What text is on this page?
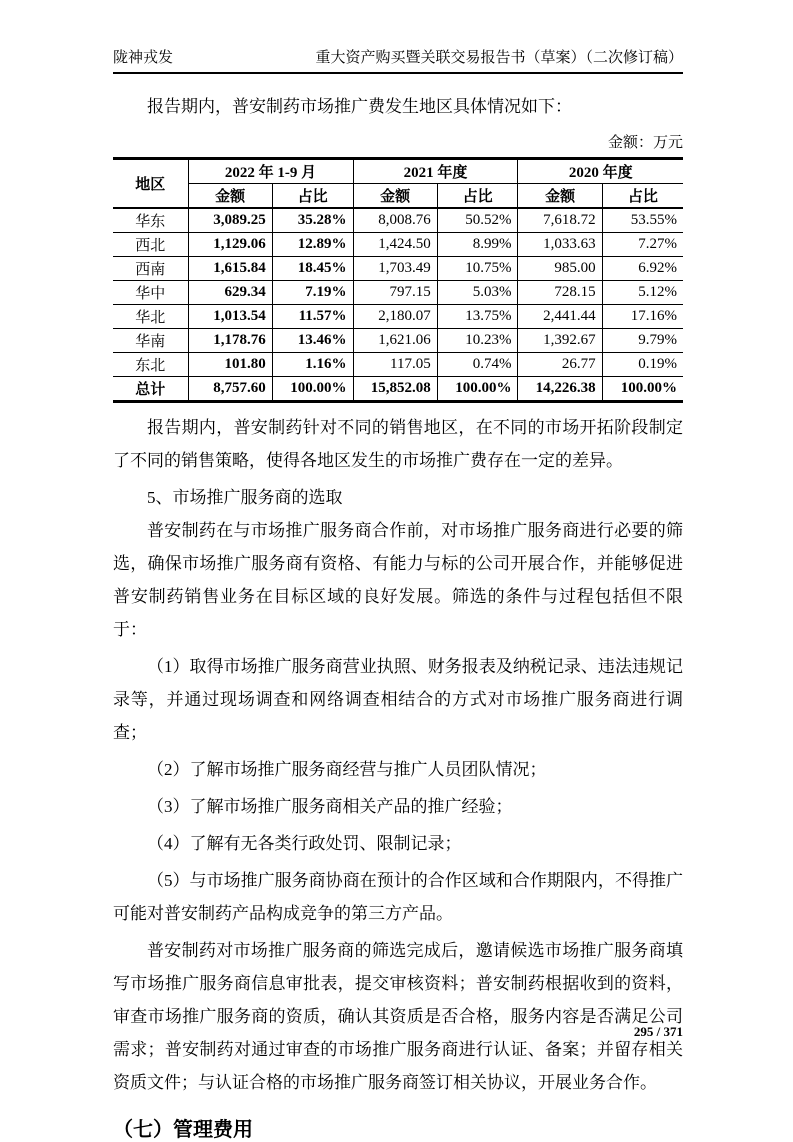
陇神戎发	重大资产购买暨关联交易报告书（草案）（二次修订稿）

报告期内，普安制药市场推广费发生地区具体情况如下：

金额：万元
地区	2022 年 1-9 月		2021 年度		2020 年度	
	金额	占比	金额	占比	金额	占比
华东	3,089.25	35.28%	8,008.76	50.52%	7,618.72	53.55%
西北	1,129.06	12.89%	1,424.50	8.99%	1,033.63	7.27%
西南	1,615.84	18.45%	1,703.49	10.75%	985.00	6.92%
华中	629.34	7.19%	797.15	5.03%	728.15	5.12%
华北	1,013.54	11.57%	2,180.07	13.75%	2,441.44	17.16%
华南	1,178.76	13.46%	1,621.06	10.23%	1,392.67	9.79%
东北	101.80	1.16%	117.05	0.74%	26.77	0.19%
总计	8,757.60	100.00%	15,852.08	100.00%	14,226.38	100.00%

报告期内，普安制药针对不同的销售地区，在不同的市场开拓阶段制定了不同的销售策略，使得各地区发生的市场推广费存在一定的差异。

5、市场推广服务商的选取

普安制药在与市场推广服务商合作前，对市场推广服务商进行必要的筛选，确保市场推广服务商有资格、有能力与标的公司开展合作，并能够促进普安制药销售业务在目标区域的良好发展。筛选的条件与过程包括但不限于：

（1）取得市场推广服务商营业执照、财务报表及纳税记录、违法违规记录等，并通过现场调查和网络调查相结合的方式对市场推广服务商进行调查；

（2）了解市场推广服务商经营与推广人员团队情况；

（3）了解市场推广服务商相关产品的推广经验；

（4）了解有无各类行政处罚、限制记录；

（5）与市场推广服务商协商在预计的合作区域和合作期限内，不得推广可能对普安制药产品构成竞争的第三方产品。

普安制药对市场推广服务商的筛选完成后，邀请候选市场推广服务商填写市场推广服务商信息审批表，提交审核资料；普安制药根据收到的资料，审查市场推广服务商的资质，确认其资质是否合格，服务内容是否满足公司需求；普安制药对通过审查的市场推广服务商进行认证、备案；并留存相关资质文件；与认证合格的市场推广服务商签订相关协议，开展业务合作。

（七）管理费用
295 / 371
